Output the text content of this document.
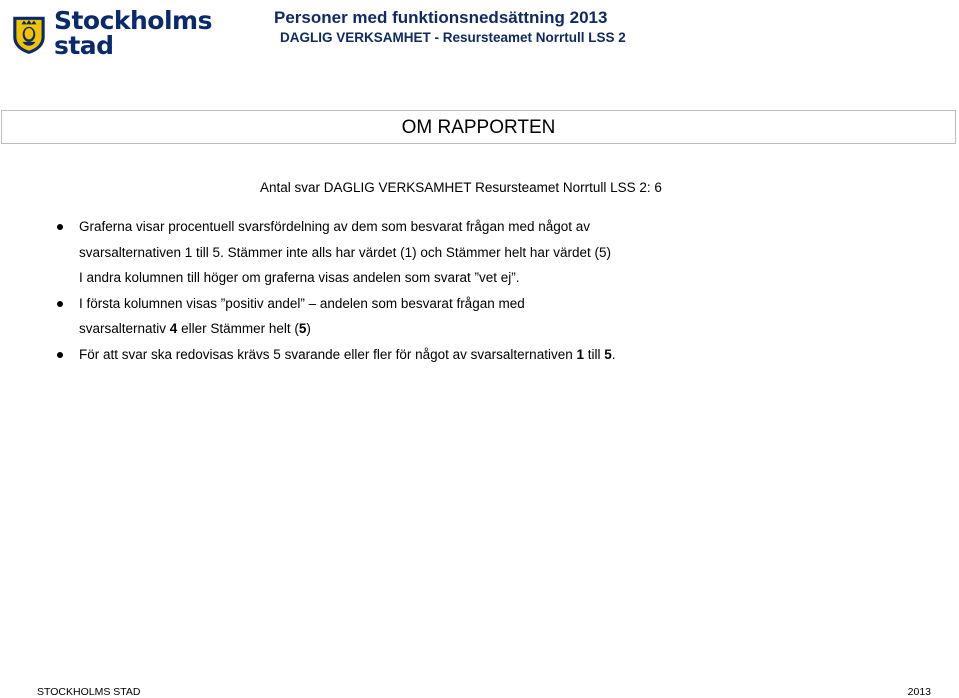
Stockholms
stad
Personer med funktionsnedsättning 2013
DAGLIG VERKSAMHET - Resursteamet Norrtull LSS 2
OM RAPPORTEN
Antal svar DAGLIG VERKSAMHET Resursteamet Norrtull LSS 2: 6
Graferna visar procentuell svarsfördelning av dem som besvarat frågan med något av
svarsalternativen 1 till 5. Stämmer inte alls har värdet (1) och Stämmer helt har värdet (5)
I andra kolumnen till höger om graferna visas andelen som svarat ”vet ej”.
I första kolumnen visas ”positiv andel” – andelen som besvarat frågan med
svarsalternativ 4 eller Stämmer helt (5)
För att svar ska redovisas krävs 5 svarande eller fler för något av svarsalternativen 1 till 5.
STOCKHOLMS STAD	2013
